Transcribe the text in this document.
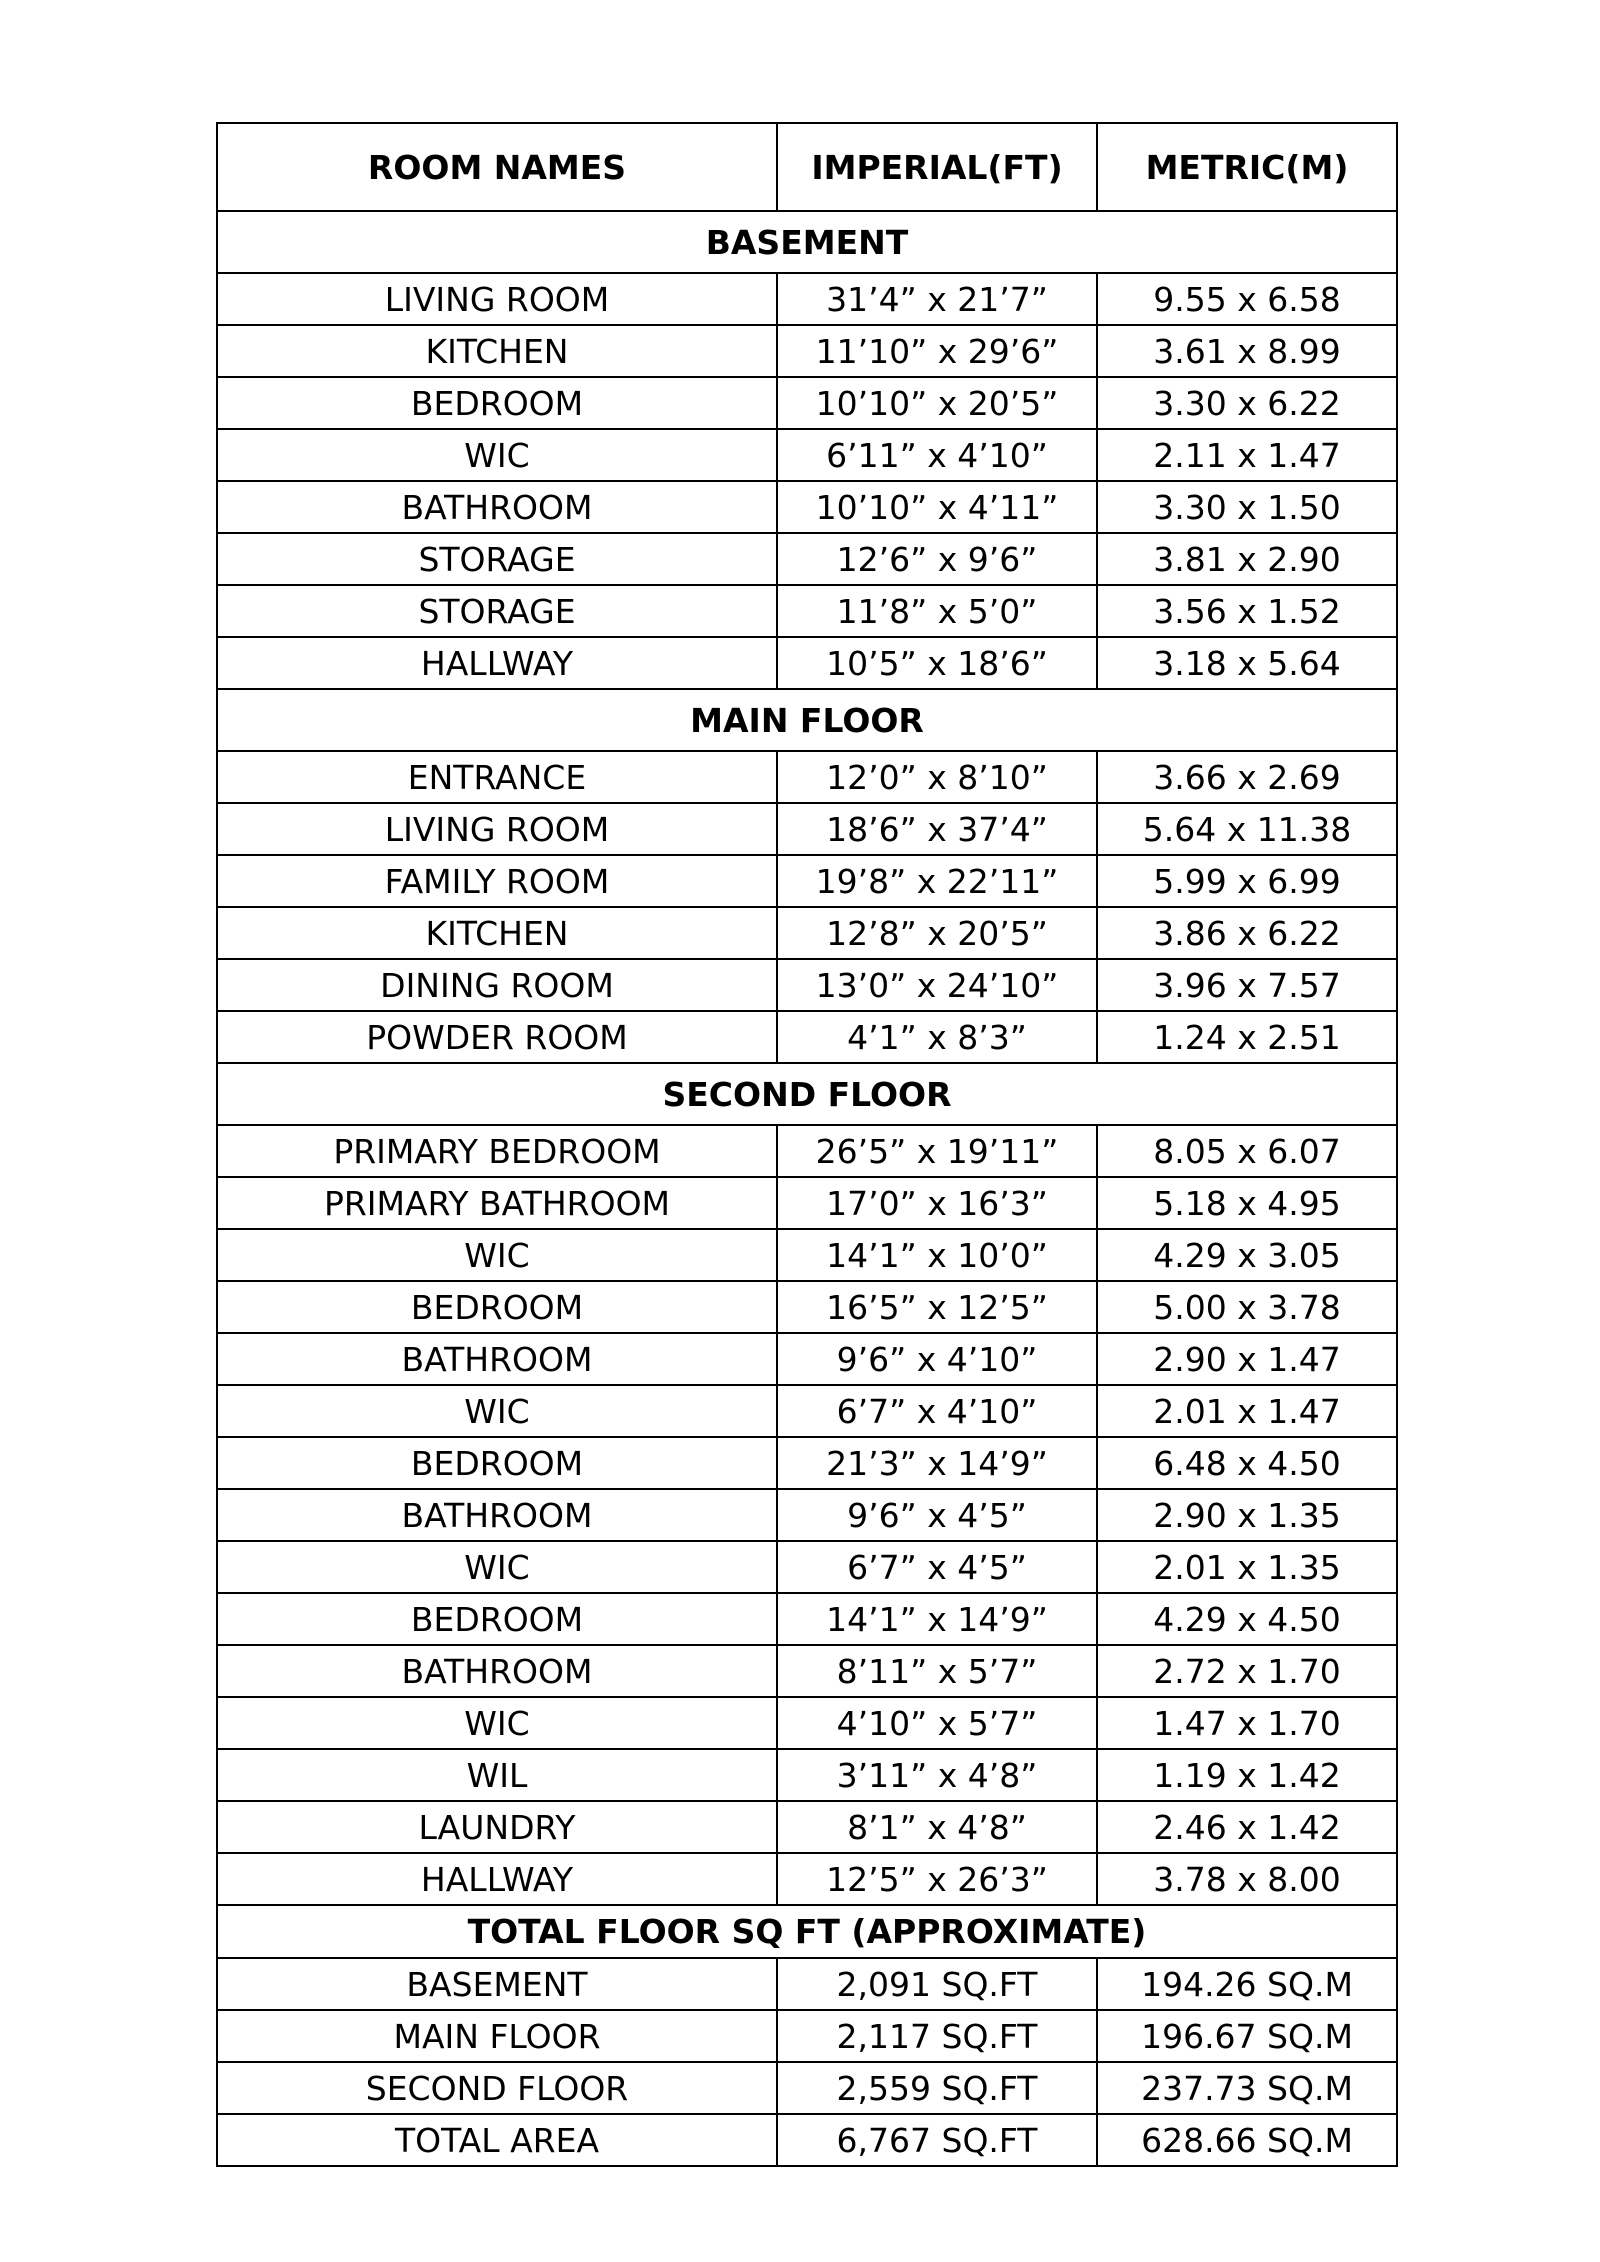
ROOM NAMES	IMPERIAL(FT)	METRIC(M)
BASEMENT		
LIVING ROOM	31’4” x 21’7”	9.55 x 6.58
KITCHEN	11’10” x 29’6”	3.61 x 8.99
BEDROOM	10’10” x 20’5”	3.30 x 6.22
WIC	6’11” x 4’10”	2.11 x 1.47
BATHROOM	10’10” x 4’11”	3.30 x 1.50
STORAGE	12’6” x 9’6”	3.81 x 2.90
STORAGE	11’8” x 5’0”	3.56 x 1.52
HALLWAY	10’5” x 18’6”	3.18 x 5.64
MAIN FLOOR		
ENTRANCE	12’0” x 8’10”	3.66 x 2.69
LIVING ROOM	18’6” x 37’4”	5.64 x 11.38
FAMILY ROOM	19’8” x 22’11”	5.99 x 6.99
KITCHEN	12’8” x 20’5”	3.86 x 6.22
DINING ROOM	13’0” x 24’10”	3.96 x 7.57
POWDER ROOM	4’1” x 8’3”	1.24 x 2.51
SECOND FLOOR		
PRIMARY BEDROOM	26’5” x 19’11”	8.05 x 6.07
PRIMARY BATHROOM	17’0” x 16’3”	5.18 x 4.95
WIC	14’1” x 10’0”	4.29 x 3.05
BEDROOM	16’5” x 12’5”	5.00 x 3.78
BATHROOM	9’6” x 4’10”	2.90 x 1.47
WIC	6’7” x 4’10”	2.01 x 1.47
BEDROOM	21’3” x 14’9”	6.48 x 4.50
BATHROOM	9’6” x 4’5”	2.90 x 1.35
WIC	6’7” x 4’5”	2.01 x 1.35
BEDROOM	14’1” x 14’9”	4.29 x 4.50
BATHROOM	8’11” x 5’7”	2.72 x 1.70
WIC	4’10” x 5’7”	1.47 x 1.70
WIL	3’11” x 4’8”	1.19 x 1.42
LAUNDRY	8’1” x 4’8”	2.46 x 1.42
HALLWAY	12’5” x 26’3”	3.78 x 8.00
TOTAL FLOOR SQ FT (APPROXIMATE)		
BASEMENT	2,091 SQ.FT	194.26 SQ.M
MAIN FLOOR	2,117 SQ.FT	196.67 SQ.M
SECOND FLOOR	2,559 SQ.FT	237.73 SQ.M
TOTAL AREA	6,767 SQ.FT	628.66 SQ.M
